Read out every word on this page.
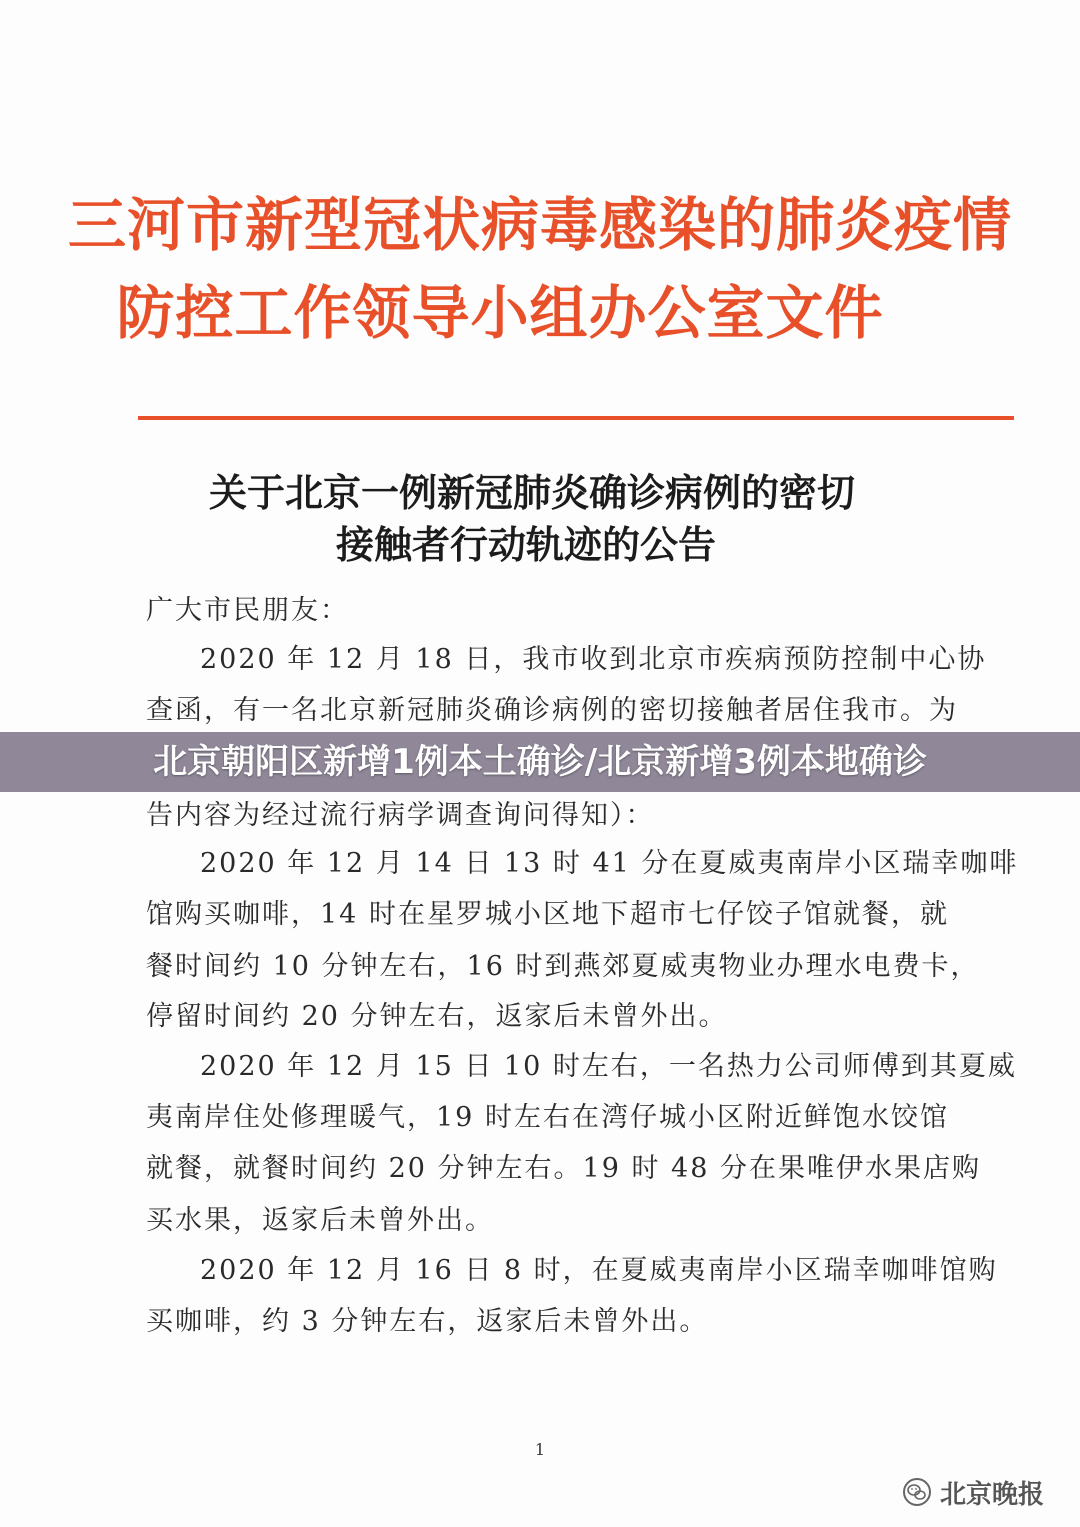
三河市新型冠状病毒感染的肺炎疫情
防控工作领导小组办公室文件
关于北京一例新冠肺炎确诊病例的密切
接触者行动轨迹的公告
广大市民朋友：
2020 年 12 月 18 日，我市收到北京市疾病预防控制中心协
查函，有一名北京新冠肺炎确诊病例的密切接触者居住我市。为
告内容为经过流行病学调查询问得知）：
2020 年 12 月 14 日 13 时 41 分在夏威夷南岸小区瑞幸咖啡
馆购买咖啡，14 时在星罗城小区地下超市七仔饺子馆就餐，就
餐时间约 10 分钟左右，16 时到燕郊夏威夷物业办理水电费卡，
停留时间约 20 分钟左右，返家后未曾外出。
2020 年 12 月 15 日 10 时左右，一名热力公司师傅到其夏威
夷南岸住处修理暖气，19 时左右在湾仔城小区附近鲜饱水饺馆
就餐，就餐时间约 20 分钟左右。19 时 48 分在果唯伊水果店购
买水果，返家后未曾外出。
2020 年 12 月 16 日 8 时，在夏威夷南岸小区瑞幸咖啡馆购
买咖啡，约 3 分钟左右，返家后未曾外出。
1
北京朝阳区新增1例本土确诊/北京新增3例本地确诊
北京晚报
